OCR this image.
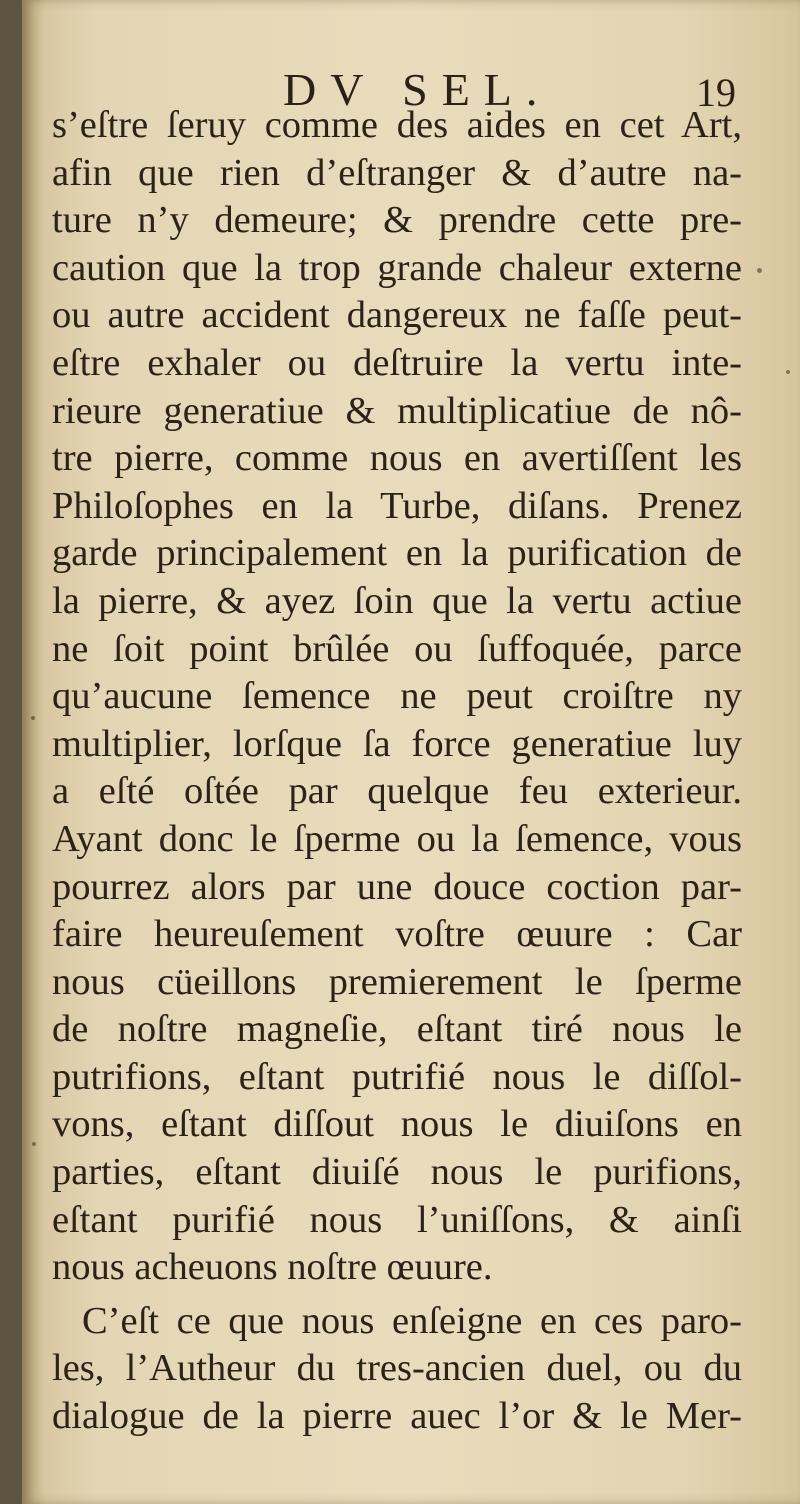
DV SEL.	19
s’eſtre ſeruy comme des aides en cet Art,
afin que rien d’eſtranger & d’autre na-
ture n’y demeure; & prendre cette pre-
caution que la trop grande chaleur externe
ou autre accident dangereux ne faſſe peut-
eſtre exhaler ou deſtruire la vertu inte-
rieure generatiue & multiplicatiue de nô-
tre pierre, comme nous en avertiſſent les
Philoſophes en la Turbe, diſans. Prenez
garde principalement en la purification de
la pierre, & ayez ſoin que la vertu actiue
ne ſoit point brûlée ou ſuffoquée, parce
qu’aucune ſemence ne peut croiſtre ny
multiplier, lorſque ſa force generatiue luy
a eſté oſtée par quelque feu exterieur.
Ayant donc le ſperme ou la ſemence, vous
pourrez alors par une douce coction par-
faire heureuſement voſtre œuure : Car
nous cüeillons premierement le ſperme
de noſtre magneſie, eſtant tiré nous le
putrifions, eſtant putrifié nous le diſſol-
vons, eſtant diſſout nous le diuiſons en
parties, eſtant diuiſé nous le purifions,
eſtant purifié nous l’uniſſons, & ainſi
nous acheuons noſtre œuure.
C’eſt ce que nous enſeigne en ces paro-
les, l’Autheur du tres-ancien duel, ou du
dialogue de la pierre auec l’or & le Mer-
